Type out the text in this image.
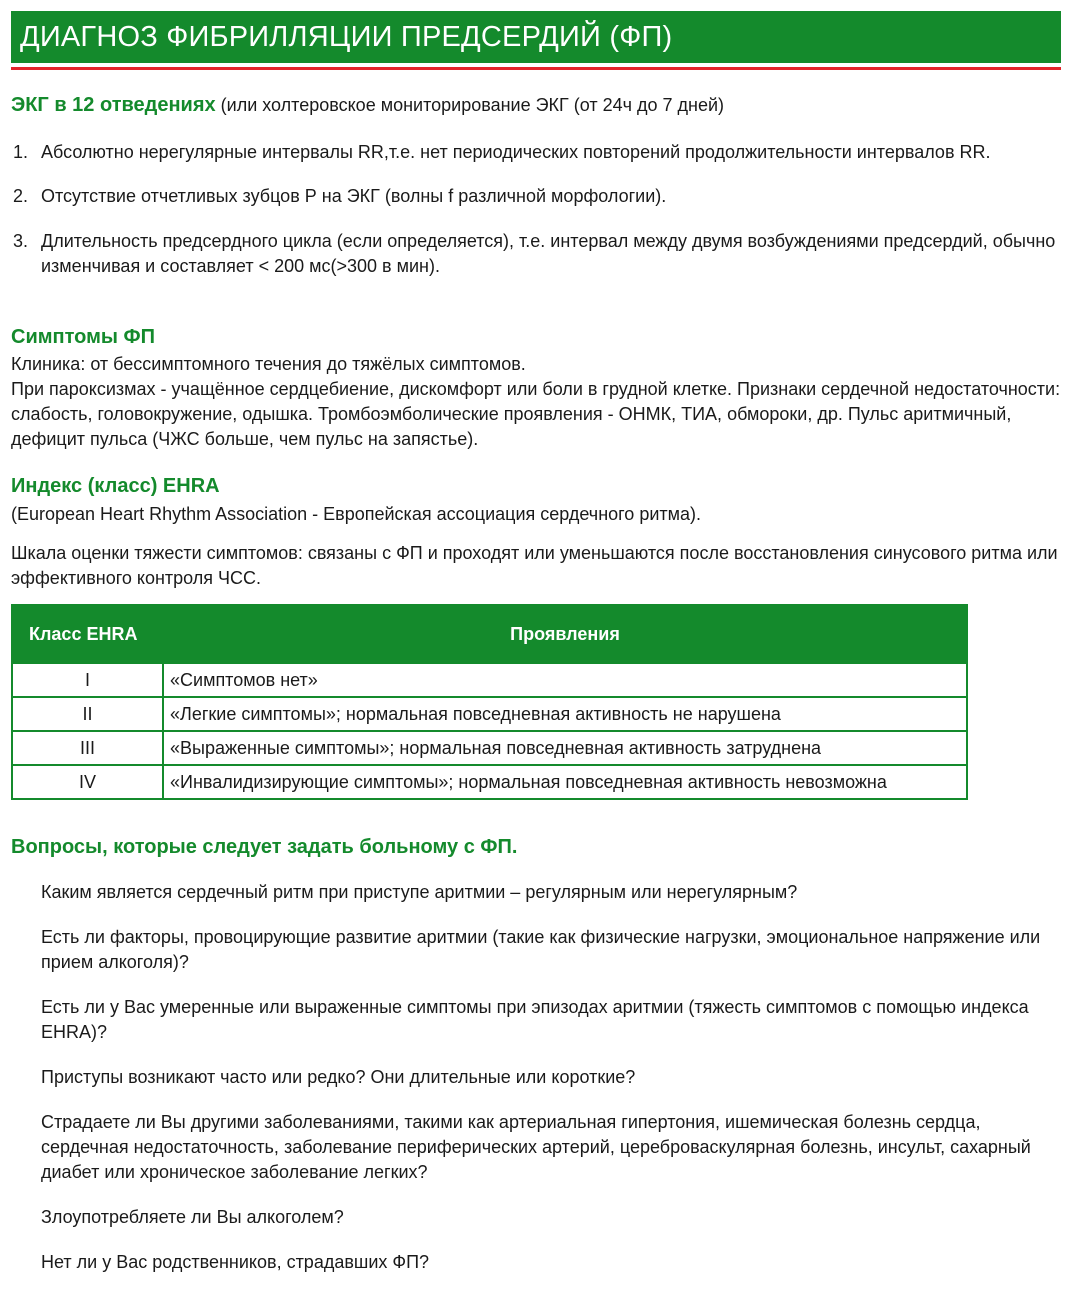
ДИАГНОЗ ФИБРИЛЛЯЦИИ ПРЕДСЕРДИЙ (ФП)
ЭКГ в 12 отведениях (или холтеровское мониторирование ЭКГ (от 24ч до 7 дней)
1. Абсолютно нерегулярные интервалы RR,т.е. нет периодических повторений продолжительности интервалов RR.
2. Отсутствие отчетливых зубцов Р на ЭКГ (волны f различной морфологии).
3. Длительность предсердного цикла (если определяется), т.е. интервал между двумя возбуждениями предсердий, обычно изменчивая и составляет < 200 мс(>300 в мин).
Симптомы ФП
Клиника: от бессимптомного течения до тяжёлых симптомов.
При пароксизмах - учащённое сердцебиение, дискомфорт или боли в грудной клетке. Признаки сердечной недостаточности: слабость, головокружение, одышка. Тромбоэмболические проявления - ОНМК, ТИА, обмороки, др. Пульс аритмичный, дефицит пульса (ЧЖС больше, чем пульс на запястье).
Индекс (класс) EHRA
(European Heart Rhythm Association - Европейская ассоциация сердечного ритма).
Шкала оценки тяжести симптомов: связаны с ФП и проходят или уменьшаются после восстановления синусового ритма или эффективного контроля ЧСС.
Класс EHRA	Проявления
I	«Симптомов нет»
II	«Легкие симптомы»; нормальная повседневная активность не нарушена
III	«Выраженные симптомы»; нормальная повседневная активность затруднена
IV	«Инвалидизирующие симптомы»; нормальная повседневная активность невозможна
Вопросы, которые следует задать больному с ФП.
Каким является сердечный ритм при приступе аритмии – регулярным или нерегулярным?
Есть ли факторы, провоцирующие развитие аритмии (такие как физические нагрузки, эмоциональное напряжение или прием алкоголя)?
Есть ли у Вас умеренные или выраженные симптомы при эпизодах аритмии (тяжесть симптомов с помощью индекса EHRA)?
Приступы возникают часто или редко? Они длительные или короткие?
Страдаете ли Вы другими заболеваниями, такими как артериальная гипертония, ишемическая болезнь сердца, сердечная недостаточность, заболевание периферических артерий, цереброваскулярная болезнь, инсульт, сахарный диабет или хроническое заболевание легких?
Злоупотребляете ли Вы алкоголем?
Нет ли у Вас родственников, страдавших ФП?
